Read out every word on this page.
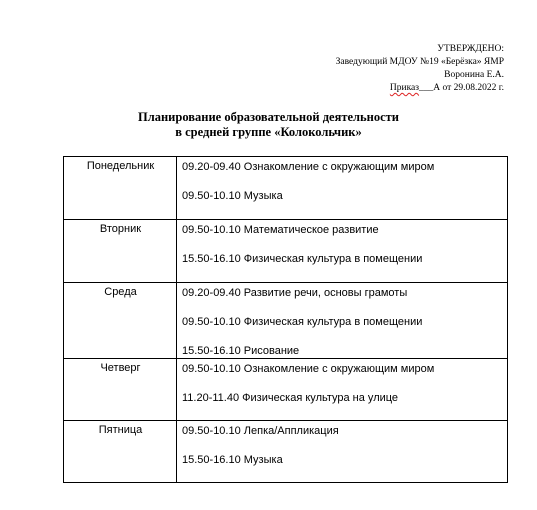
УТВЕРЖДЕНО:
Заведующий МДОУ №19 «Берёзка» ЯМР
Воронина Е.А.
Приказ___А от 29.08.2022 г.
Планирование образовательной деятельности
в средней группе «Колокольчик»
Понедельник	09.20-09.40 Ознакомление с окружающим миром
09.50-10.10 Музыка

Вторник	09.50-10.10 Математическое развитие
15.50-16.10 Физическая культура в помещении

Среда	09.20-09.40 Развитие речи, основы грамоты
09.50-10.10 Физическая культура в помещении
15.50-16.10 Рисование

Четверг	09.50-10.10 Ознакомление с окружающим миром
11.20-11.40 Физическая культура на улице

Пятница	09.50-10.10 Лепка/Аппликация
15.50-16.10 Музыка
